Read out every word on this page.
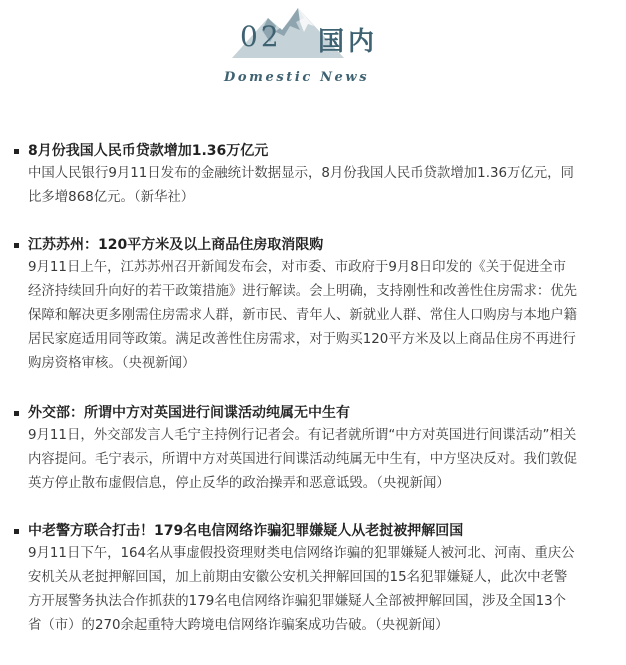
02 国内
Domestic News
8月份我国人民币贷款增加1.36万亿元
中国人民银行9月11日发布的金融统计数据显示，8月份我国人民币贷款增加1.36万亿元，同
比多增868亿元。（新华社）
江苏苏州：120平方米及以上商品住房取消限购
9月11日上午，江苏苏州召开新闻发布会，对市委、市政府于9月8日印发的《关于促进全市
经济持续回升向好的若干政策措施》进行解读。会上明确，支持刚性和改善性住房需求：优先
保障和解决更多刚需住房需求人群，新市民、青年人、新就业人群、常住人口购房与本地户籍
居民家庭适用同等政策。满足改善性住房需求，对于购买120平方米及以上商品住房不再进行
购房资格审核。（央视新闻）
外交部：所谓中方对英国进行间谍活动纯属无中生有
9月11日，外交部发言人毛宁主持例行记者会。有记者就所谓“中方对英国进行间谍活动”相关
内容提问。毛宁表示，所谓中方对英国进行间谍活动纯属无中生有，中方坚决反对。我们敦促
英方停止散布虚假信息，停止反华的政治操弄和恶意诋毁。（央视新闻）
中老警方联合打击！179名电信网络诈骗犯罪嫌疑人从老挝被押解回国
9月11日下午，164名从事虚假投资理财类电信网络诈骗的犯罪嫌疑人被河北、河南、重庆公
安机关从老挝押解回国，加上前期由安徽公安机关押解回国的15名犯罪嫌疑人，此次中老警
方开展警务执法合作抓获的179名电信网络诈骗犯罪嫌疑人全部被押解回国，涉及全国13个
省（市）的270余起重特大跨境电信网络诈骗案成功告破。（央视新闻）
